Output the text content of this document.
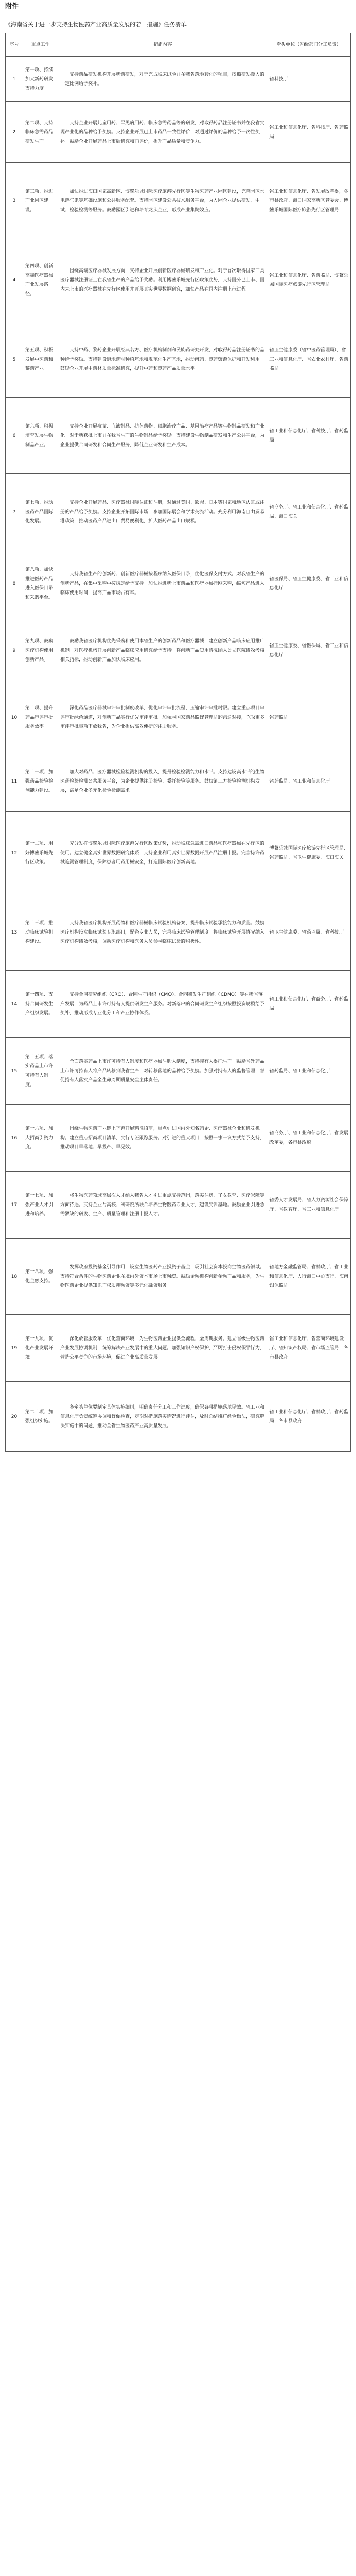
附件

《海南省关于进一步支持生物医药产业高质量发展的若干措施》任务清单

序号	重点工作	措施内容	牵头单位（省级部门分工负责）
1	第一项、持续加大新药研发支持力度。	支持药品研发机构开展新药研发，对于完成临床试验并在我省落地转化的项目，按照研发投入的一定比例给予奖补。	省科技厅
2	第二项、支持临床急需药品研发生产。	支持企业开展儿童用药、罕见病用药、临床急需药品等的研发，对取得药品注册证书并在我省实现产业化的品种给予奖励。支持企业开展已上市药品一致性评价，对通过评价的品种给予一次性奖补。鼓励企业开展药品上市后研究和再评价，提升产品质量和竞争力。	省工业和信息化厅、省科技厅、省药监局
3	第三项、推进产业园区建设。	加快推进海口国家高新区、博鳌乐城国际医疗旅游先行区等生物医药产业园区建设，完善园区水电路气讯等基础设施和公共服务配套。支持园区建设公共技术服务平台，为入园企业提供研发、中试、检验检测等服务。鼓励园区引进和培育龙头企业，形成产业集聚效应。	省工业和信息化厅、省发展改革委，各市县政府、海口国家高新区管委会、博鳌乐城国际医疗旅游先行区管理局
4	第四项、创新高端医疗器械产业发展路径。	围绕高端医疗器械发展方向，支持企业开展创新医疗器械研发和产业化。对于首次取得国家三类医疗器械注册证且在我省生产的产品给予奖励。利用博鳌乐城先行区政策优势，支持国外已上市、国内未上市的医疗器械在先行区使用并开展真实世界数据研究，加快产品在国内注册上市进程。	省工业和信息化厅、省药监局、博鳌乐城国际医疗旅游先行区管理局
5	第五项、积极发展中医药和黎药产业。	支持中药、黎药企业开展经典名方、医疗机构制剂和民族药研究开发，对取得药品注册证书的品种给予奖励。支持建设道地药材种植基地和规范化生产基地，推动南药、黎药资源保护和开发利用。鼓励企业开展中药材质量标准研究，提升中药和黎药产品质量水平。	省卫生健康委（省中医药管理局）、省工业和信息化厅、省农业农村厅、省药监局
6	第六项、积极培育发展生物制品产业。	支持企业开展疫苗、血液制品、抗体药物、细胞治疗产品、基因治疗产品等生物制品研发和产业化。对于新获批上市并在我省生产的生物制品给予奖励。支持建设生物制品研发和生产公共平台，为企业提供合同研发和合同生产服务，降低企业研发和生产成本。	省工业和信息化厅、省科技厅、省药监局
7	第七项、推动医药产品国际化发展。	支持企业开展药品、医疗器械国际认证和注册，对通过美国、欧盟、日本等国家和地区认证或注册的产品给予奖励。支持企业开拓国际市场，参加国际展会和学术交流活动。充分利用海南自由贸易港政策，推动医药产品进出口贸易便利化，扩大医药产品出口规模。	省商务厅、省工业和信息化厅、省药监局、海口海关
8	第八项、加快推进医药产品进入医保目录和采购平台。	支持我省生产的创新药、创新医疗器械按程序纳入医保目录，优化医保支付方式。对我省生产的创新产品，在集中采购中按规定给予支持。加快推进新上市药品和医疗器械挂网采购，缩短产品进入临床使用时间，提高产品市场占有率。	省医保局、省卫生健康委、省工业和信息化厅
9	第九项、鼓励医疗机构使用创新产品。	鼓励我省医疗机构优先采购和使用本省生产的创新药品和医疗器械，建立创新产品临床应用推广机制。对医疗机构开展创新产品临床应用研究给予支持。将创新产品使用情况纳入公立医院绩效考核相关指标，推动创新产品加快临床应用。	省卫生健康委、省医保局、省工业和信息化厅
10	第十项、提升药品审评审批服务效率。	深化药品医疗器械审评审批制度改革，优化审评审批流程，压缩审评审批时限。建立重点项目审评审批绿色通道，对创新产品实行优先审评审批。加强与国家药品监督管理局的沟通对接，争取更多审评审批事项下放我省，为企业提供高效便捷的注册服务。	省药监局
11	第十一项、加强药品检验检测能力建设。	加大对药品、医疗器械检验检测机构的投入，提升检验检测能力和水平。支持建设高水平的生物医药检验检测公共服务平台，为企业提供注册检验、委托检验等服务。鼓励第三方检验检测机构发展，满足企业多元化检验检测需求。	省药监局、省工业和信息化厅
12	第十二项、用好博鳌乐城先行区政策。	充分发挥博鳌乐城国际医疗旅游先行区政策优势，推动临床急需进口药品和医疗器械在先行区的使用。建立健全真实世界数据研究体系，支持企业利用真实世界数据开展产品注册申报。完善特许药械追溯管理制度，保障患者用药用械安全，打造国际医疗创新高地。	博鳌乐城国际医疗旅游先行区管理局、省药监局、省卫生健康委、海口海关
13	第十三项、推动临床试验机构建设。	支持我省医疗机构开展药物和医疗器械临床试验机构备案，提升临床试验承接能力和质量。鼓励医疗机构设立临床试验专职部门，配备专业人员，完善临床试验管理制度。将临床试验开展情况纳入医疗机构绩效考核，调动医疗机构和医务人员参与临床试验的积极性。	省卫生健康委、省药监局、省科技厅
14	第十四项、支持合同研发生产组织发展。	支持合同研究组织（CRO）、合同生产组织（CMO）、合同研发生产组织（CDMO）等在我省落户发展，为药品上市许可持有人提供研发生产服务。对新落户的合同研发生产组织按照投资规模给予奖补，推动形成专业化分工和产业协作体系。	省工业和信息化厅、省商务厅、省药监局
15	第十五项、落实药品上市许可持有人制度。	全面落实药品上市许可持有人制度和医疗器械注册人制度，支持持有人委托生产。鼓励省外药品上市许可持有人将产品转移到我省生产，对转移落地的品种给予奖励。加强对持有人的监督管理，督促持有人落实产品全生命周期质量安全主体责任。	省药监局、省工业和信息化厅
16	第十六项、加大招商引资力度。	围绕生物医药产业链上下游开展精准招商，重点引进国内外知名药企、医疗器械企业和研发机构。建立重点招商项目清单，实行专班跟踪服务。对引进的重大项目，按照一事一议方式给予支持，推动项目早落地、早投产、早见效。	省商务厅、省工业和信息化厅、省发展改革委，各市县政府
17	第十七项、加强产业人才引进和培养。	将生物医药领域高层次人才纳入我省人才引进重点支持范围，落实住房、子女教育、医疗保障等方面待遇。支持企业与高校、科研院所联合培养生物医药专业人才，建设实训基地。鼓励企业引进急需紧缺的研发、生产、质量管理和注册申报人才。	省委人才发展局、省人力资源社会保障厅、省教育厅、省工业和信息化厅
18	第十八项、强化金融支持。	发挥政府投资基金引导作用，设立生物医药产业投资子基金，吸引社会资本投向生物医药领域。支持符合条件的生物医药企业在境内外资本市场上市融资。鼓励金融机构创新金融产品和服务，为生物医药企业提供知识产权质押融资等多元化融资服务。	省地方金融监管局、省财政厅、省工业和信息化厅、人行海口中心支行、海南银保监局
19	第十九项、优化产业发展环境。	深化放管服改革，优化营商环境，为生物医药企业提供全流程、全周期服务。建立省级生物医药产业发展协调机制，统筹解决产业发展中的重大问题。加强知识产权保护，严厉打击侵权假冒行为，营造公平竞争的市场环境，促进产业高质量发展。	省工业和信息化厅、省营商环境建设厅、省知识产权局、省市场监管局，各市县政府
20	第二十项、加强组织实施。	各牵头单位要制定具体实施细则，明确责任分工和工作进度，确保各项措施落地见效。省工业和信息化厅负责统筹协调和督促检查，定期对措施落实情况进行评估，及时总结推广经验做法，研究解决实施中的问题，推动全省生物医药产业高质量发展。	省工业和信息化厅、省财政厅、省药监局，各市县政府
